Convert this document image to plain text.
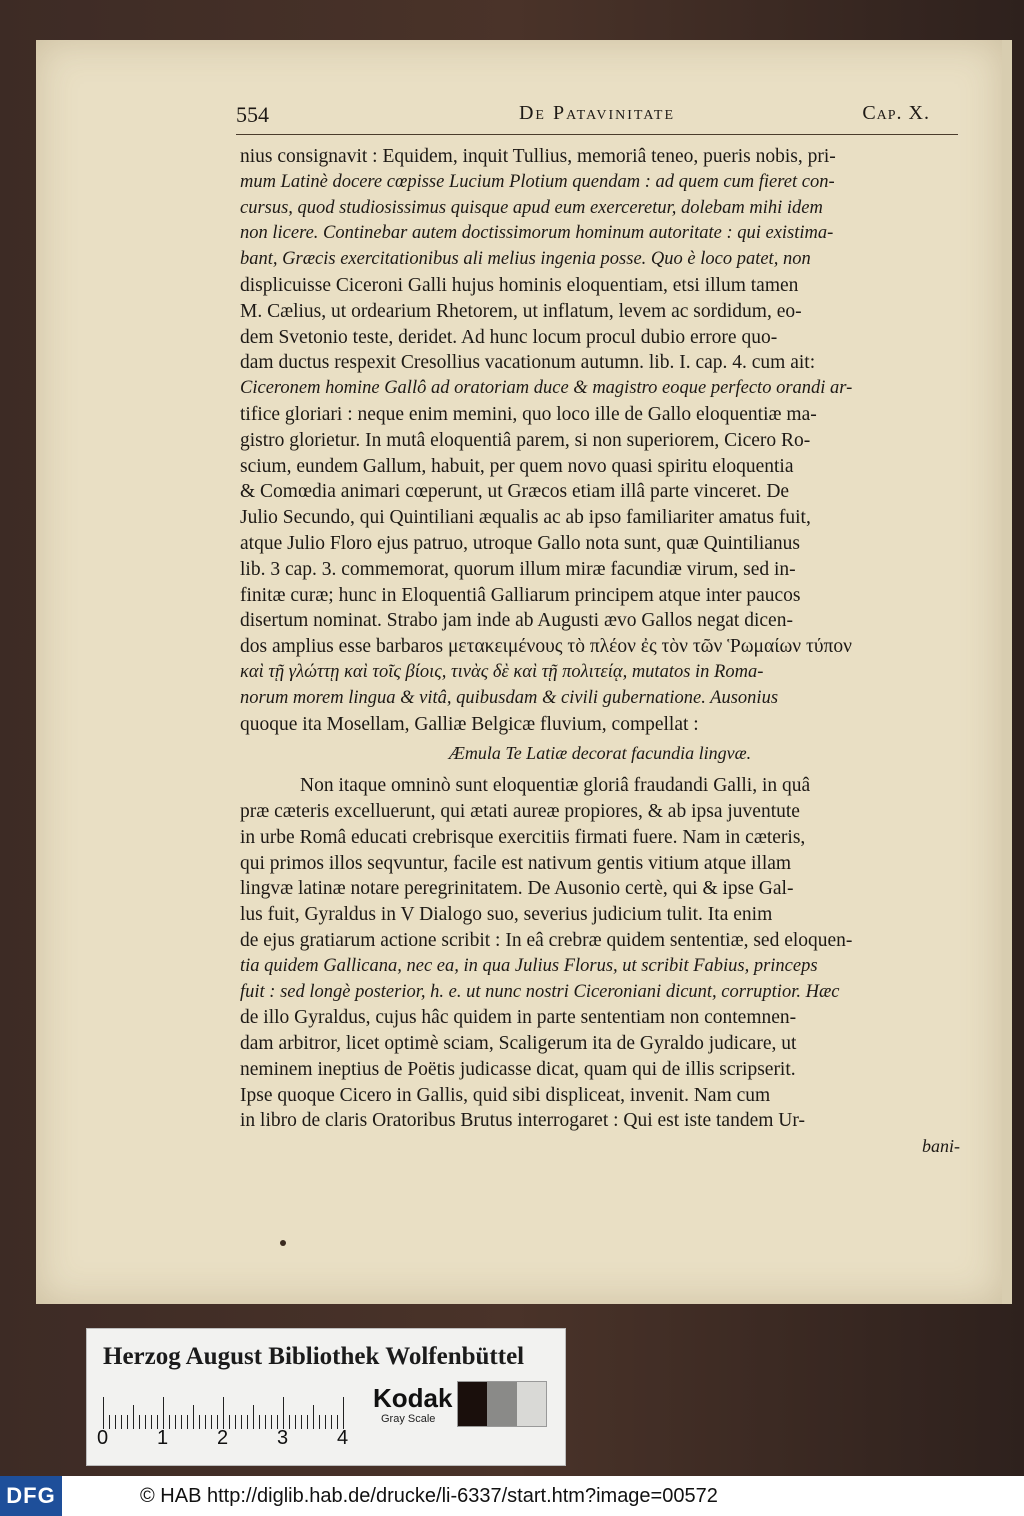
554	De Patavinitate	Cap. X.
nius consignavit : Equidem, inquit Tullius, memoriâ teneo, pueris nobis, pri-
mum Latinè docere cœpisse Lucium Plotium quendam : ad quem cum fieret con-
cursus, quod studiosissimus quisque apud eum exerceretur, dolebam mihi idem
non licere. Continebar autem doctissimorum hominum autoritate : qui existima-
bant, Græcis exercitationibus ali melius ingenia posse. Quo è loco patet, non
displicuisse Ciceroni Galli hujus hominis eloquentiam, etsi illum tamen
M. Cælius, ut ordearium Rhetorem, ut inflatum, levem ac sordidum, eo-
dem Svetonio teste, deridet. Ad hunc locum procul dubio errore quo-
dam ductus respexit Cresollius vacationum autumn. lib. I. cap. 4. cum ait:
Ciceronem homine Gallô ad oratoriam duce & magistro eoque perfecto orandi ar-
tifice gloriari : neque enim memini, quo loco ille de Gallo eloquentiæ ma-
gistro glorietur. In mutâ eloquentiâ parem, si non superiorem, Cicero Ro-
scium, eundem Gallum, habuit, per quem novo quasi spiritu eloquentia
& Comœdia animari cœperunt, ut Græcos etiam illâ parte vinceret. De
Julio Secundo, qui Quintiliani æqualis ac ab ipso familiariter amatus fuit,
atque Julio Floro ejus patruo, utroque Gallo nota sunt, quæ Quintilianus
lib. 3 cap. 3. commemorat, quorum illum miræ facundiæ virum, sed in-
finitæ curæ; hunc in Eloquentiâ Galliarum principem atque inter paucos
disertum nominat. Strabo jam inde ab Augusti ævo Gallos negat dicen-
dos amplius esse barbaros μετακειμένους τὸ πλέον ἐς τὸν τῶν Ῥωμαίων τύπον
καὶ τῇ γλώττῃ καὶ τοῖς βίοις, τινὰς δὲ καὶ τῇ πολιτείᾳ, mutatos in Roma-
norum morem lingua & vitâ, quibusdam & civili gubernatione. Ausonius
quoque ita Mosellam, Galliæ Belgicæ fluvium, compellat :
Æmula Te Latiæ decorat facundia lingvæ.
Non itaque omninò sunt eloquentiæ gloriâ fraudandi Galli, in quâ
præ cæteris excelluerunt, qui ætati aureæ propiores, & ab ipsa juventute
in urbe Româ educati crebrisque exercitiis firmati fuere. Nam in cæteris,
qui primos illos seqvuntur, facile est nativum gentis vitium atque illam
lingvæ latinæ notare peregrinitatem. De Ausonio certè, qui & ipse Gal-
lus fuit, Gyraldus in V Dialogo suo, severius judicium tulit. Ita enim
de ejus gratiarum actione scribit : In eâ crebræ quidem sententiæ, sed eloquen-
tia quidem Gallicana, nec ea, in qua Julius Florus, ut scribit Fabius, princeps
fuit : sed longè posterior, h. e. ut nunc nostri Ciceroniani dicunt, corruptior. Hæc
de illo Gyraldus, cujus hâc quidem in parte sententiam non contemnen-
dam arbitror, licet optimè sciam, Scaligerum ita de Gyraldo judicare, ut
neminem ineptius de Poëtis judicasse dicat, quam qui de illis scripserit.
Ipse quoque Cicero in Gallis, quid sibi displiceat, invenit. Nam cum
in libro de claris Oratoribus Brutus interrogaret : Qui est iste tandem Ur-
bani-
Herzog August Bibliothek Wolfenbüttel
0 1 2 3 4
Kodak
Gray Scale
DFG	© HAB http://diglib.hab.de/drucke/li-6337/start.htm?image=00572
